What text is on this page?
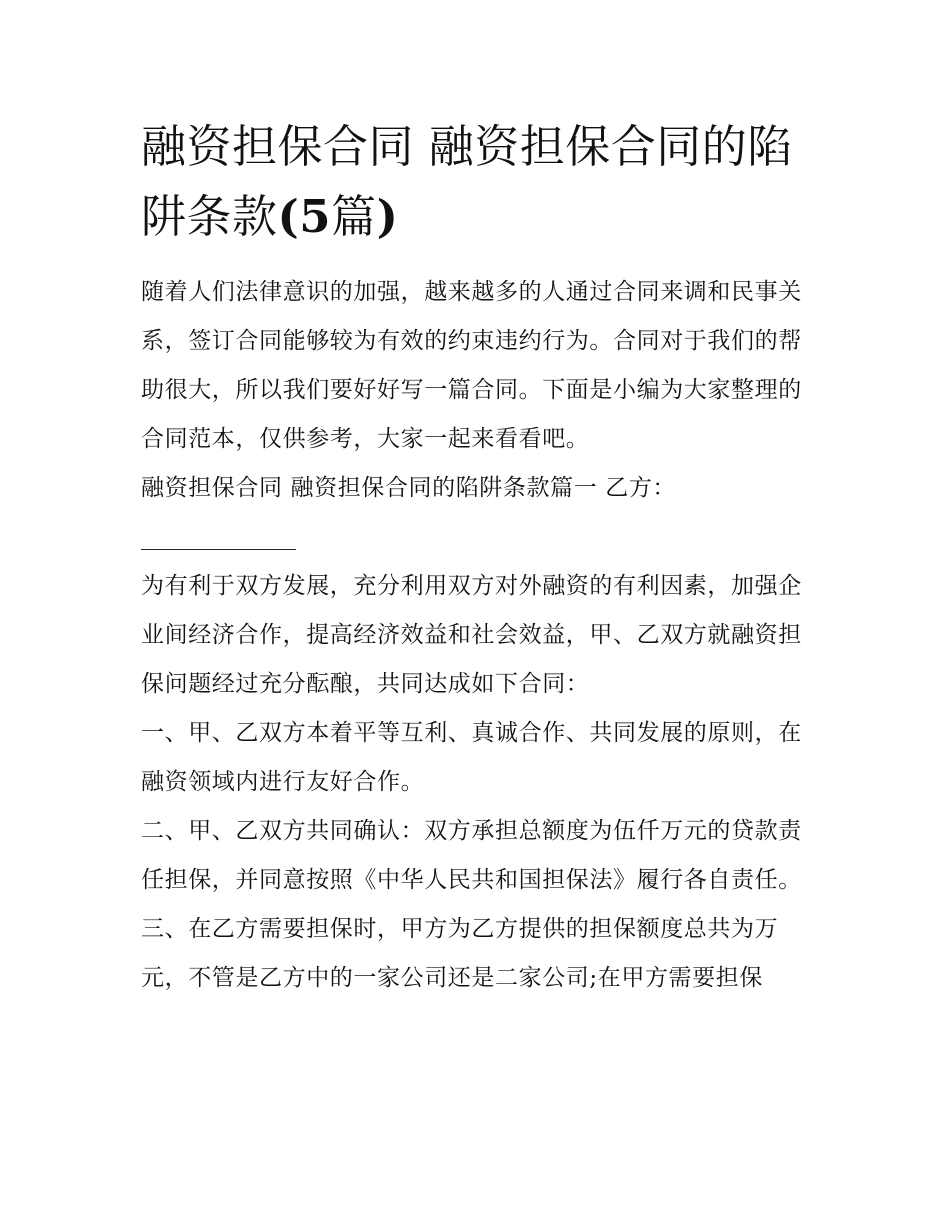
融资担保合同 融资担保合同的陷阱条款(5篇)

随着人们法律意识的加强，越来越多的人通过合同来调和民事关系，签订合同能够较为有效的约束违约行为。合同对于我们的帮助很大，所以我们要好好写一篇合同。下面是小编为大家整理的合同范本，仅供参考，大家一起来看看吧。

融资担保合同 融资担保合同的陷阱条款篇一 乙方：

为有利于双方发展，充分利用双方对外融资的有利因素，加强企业间经济合作，提高经济效益和社会效益，甲、乙双方就融资担保问题经过充分酝酿，共同达成如下合同：

一、甲、乙双方本着平等互利、真诚合作、共同发展的原则，在融资领域内进行友好合作。

二、甲、乙双方共同确认：双方承担总额度为伍仟万元的贷款责任担保，并同意按照《中华人民共和国担保法》履行各自责任。

三、在乙方需要担保时，甲方为乙方提供的担保额度总共为万元，不管是乙方中的一家公司还是二家公司;在甲方需要担保
